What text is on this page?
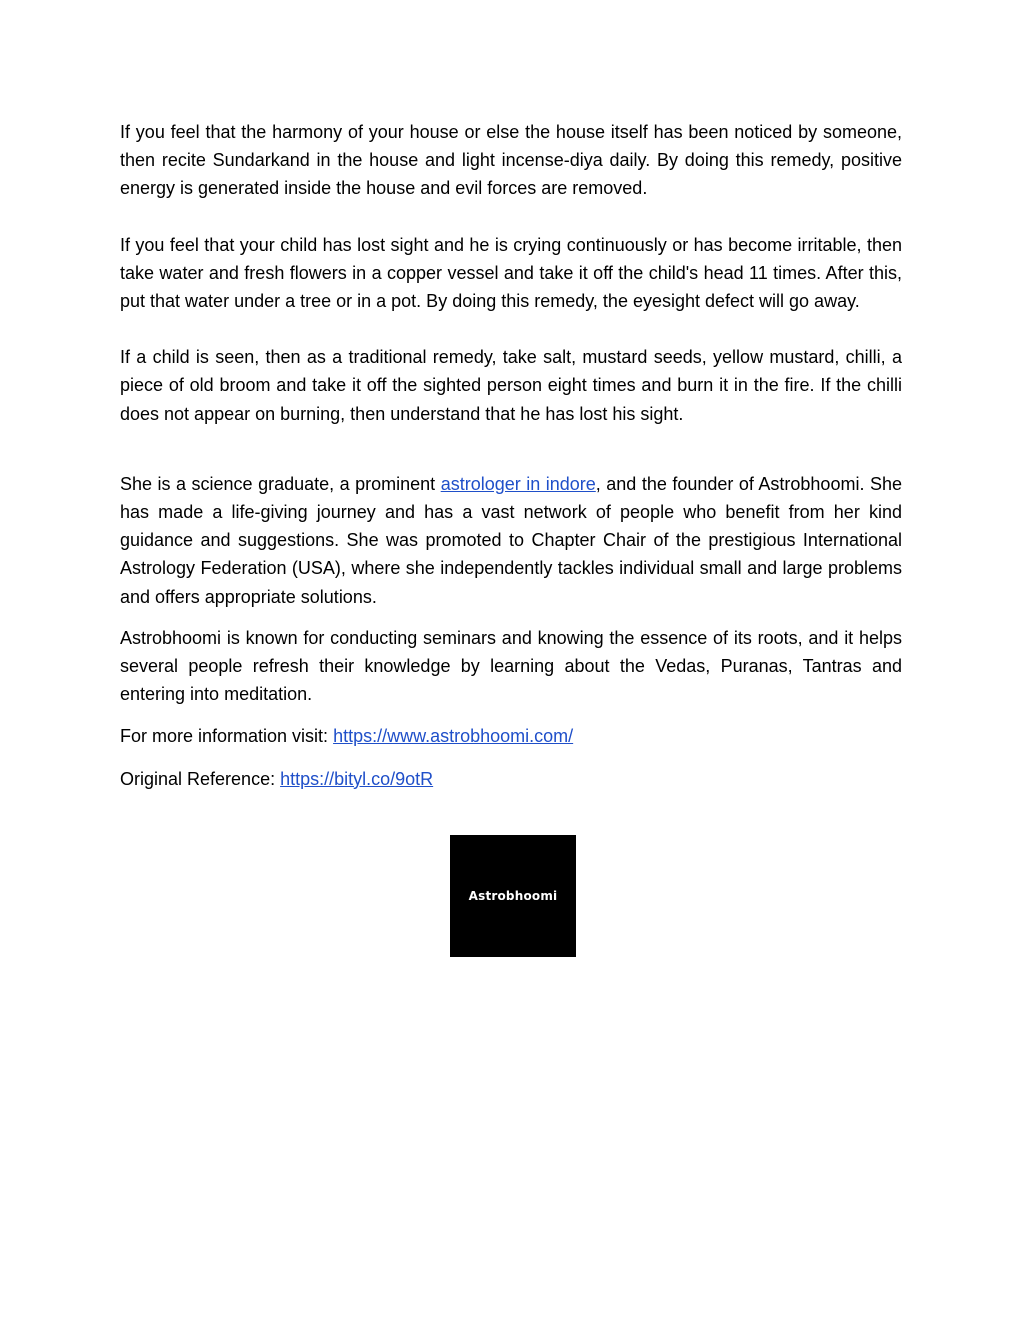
If you feel that the harmony of your house or else the house itself has been noticed by someone, then recite Sundarkand in the house and light incense-diya daily. By doing this remedy, positive energy is generated inside the house and evil forces are removed.

If you feel that your child has lost sight and he is crying continuously or has become irritable, then take water and fresh flowers in a copper vessel and take it off the child's head 11 times. After this, put that water under a tree or in a pot. By doing this remedy, the eyesight defect will go away.

If a child is seen, then as a traditional remedy, take salt, mustard seeds, yellow mustard, chilli, a piece of old broom and take it off the sighted person eight times and burn it in the fire. If the chilli does not appear on burning, then understand that he has lost his sight.

She is a science graduate, a prominent astrologer in indore, and the founder of Astrobhoomi. She has made a life-giving journey and has a vast network of people who benefit from her kind guidance and suggestions. She was promoted to Chapter Chair of the prestigious International Astrology Federation (USA), where she independently tackles individual small and large problems and offers appropriate solutions.

Astrobhoomi is known for conducting seminars and knowing the essence of its roots, and it helps several people refresh their knowledge by learning about the Vedas, Puranas, Tantras and entering into meditation.

For more information visit: https://www.astrobhoomi.com/

Original Reference: https://bityl.co/9otR

Astrobhoomi
